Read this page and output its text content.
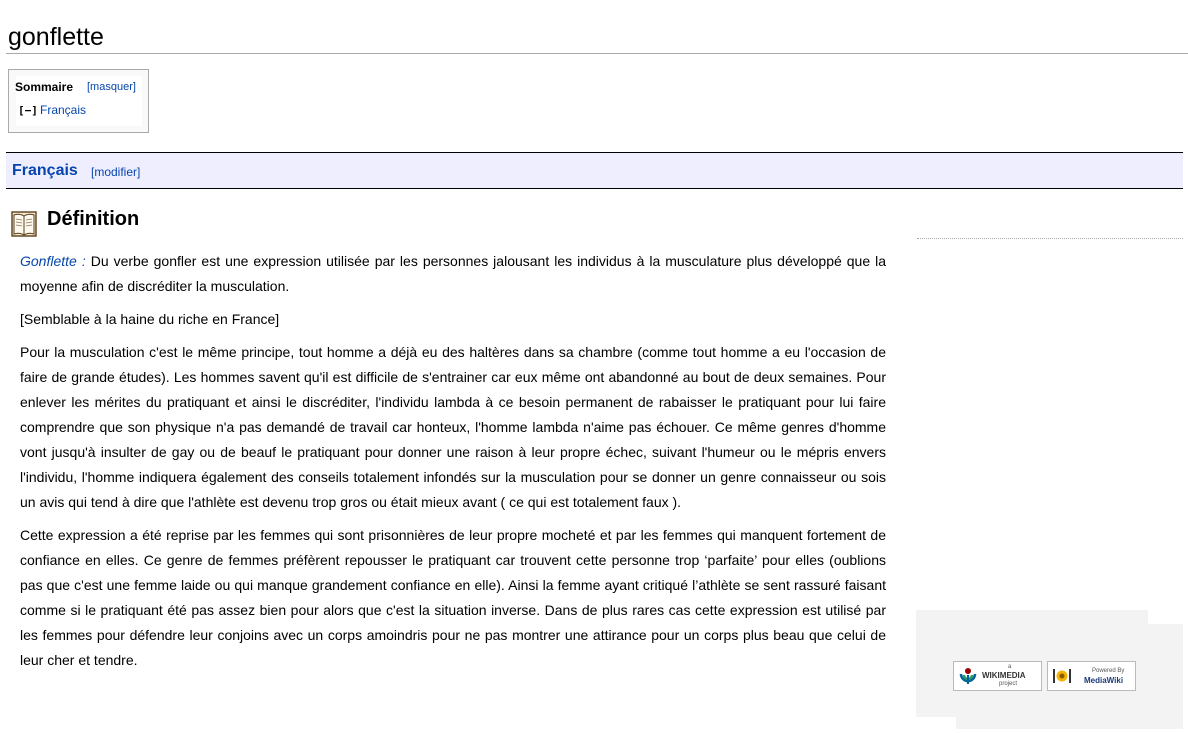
gonflette
Sommaire [masquer]
[−] Français
Français [modifier]
Définition

Gonflette : Du verbe gonfler est une expression utilisée par les personnes jalousant les individus à la musculature plus développé que la moyenne afin de discréditer la musculation.

[Semblable à la haine du riche en France]

Pour la musculation c'est le même principe, tout homme a déjà eu des haltères dans sa chambre (comme tout homme a eu l'occasion de faire de grande études). Les hommes savent qu'il est difficile de s'entrainer car eux même ont abandonné au bout de deux semaines. Pour enlever les mérites du pratiquant et ainsi le discréditer, l'individu lambda à ce besoin permanent de rabaisser le pratiquant pour lui faire comprendre que son physique n'a pas demandé de travail car honteux, l'homme lambda n'aime pas échouer. Ce même genres d'homme vont jusqu'à insulter de gay ou de beauf le pratiquant pour donner une raison à leur propre échec, suivant l'humeur ou le mépris envers l'individu, l'homme indiquera également des conseils totalement infondés sur la musculation pour se donner un genre connaisseur ou sois un avis qui tend à dire que l'athlète est devenu trop gros ou était mieux avant ( ce qui est totalement faux ).

Cette expression a été reprise par les femmes qui sont prisonnières de leur propre mocheté et par les femmes qui manquent fortement de confiance en elles. Ce genre de femmes préfèrent repousser le pratiquant car trouvent cette personne trop ‘parfaite’ pour elles (oublions pas que c'est une femme laide ou qui manque grandement confiance en elle). Ainsi la femme ayant critiqué l’athlète se sent rassuré faisant comme si le pratiquant été pas assez bien pour alors que c'est la situation inverse. Dans de plus rares cas cette expression est utilisé par les femmes pour défendre leur conjoins avec un corps amoindris pour ne pas montrer une attirance pour un corps plus beau que celui de leur cher et tendre.	a
WIKIMEDIA
project
Powered By
MediaWiki
